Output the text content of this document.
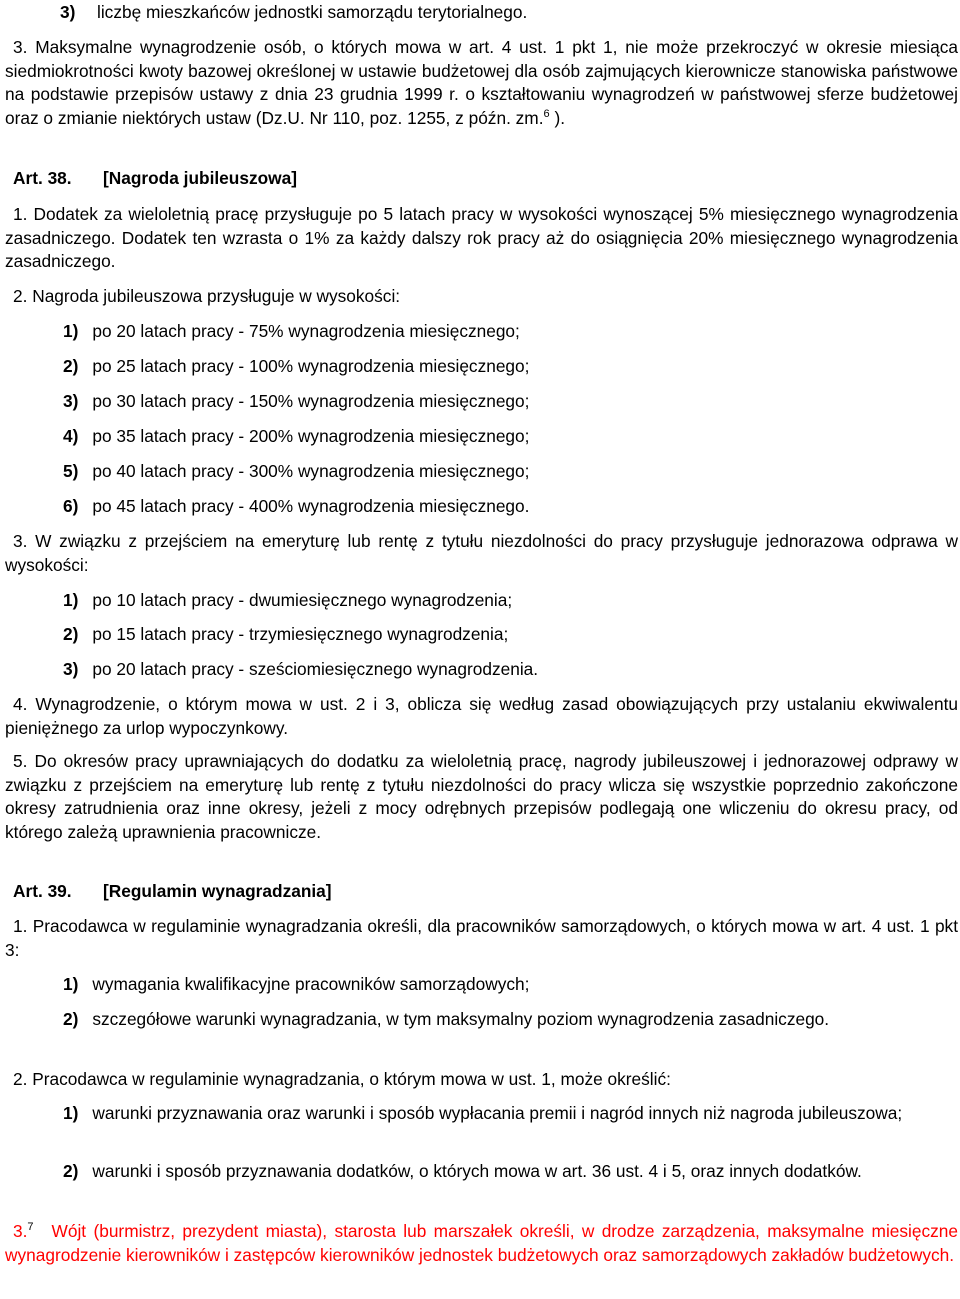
3) liczbę mieszkańców jednostki samorządu terytorialnego.

3. Maksymalne wynagrodzenie osób, o których mowa w art. 4 ust. 1 pkt 1, nie może przekroczyć w okresie miesiąca siedmiokrotności kwoty bazowej określonej w ustawie budżetowej dla osób zajmujących kierownicze stanowiska państwowe na podstawie przepisów ustawy z dnia 23 grudnia 1999 r. o kształtowaniu wynagrodzeń w państwowej sferze budżetowej oraz o zmianie niektórych ustaw (Dz.U. Nr 110, poz. 1255, z późn. zm.$^6$ ).

Art. 38. [Nagroda jubileuszowa]

1. Dodatek za wieloletnią pracę przysługuje po 5 latach pracy w wysokości wynoszącej 5% miesięcznego wynagrodzenia zasadniczego. Dodatek ten wzrasta o 1% za każdy dalszy rok pracy aż do osiągnięcia 20% miesięcznego wynagrodzenia zasadniczego.

2. Nagroda jubileuszowa przysługuje w wysokości:

1) po 20 latach pracy - 75% wynagrodzenia miesięcznego;

2) po 25 latach pracy - 100% wynagrodzenia miesięcznego;

3) po 30 latach pracy - 150% wynagrodzenia miesięcznego;

4) po 35 latach pracy - 200% wynagrodzenia miesięcznego;

5) po 40 latach pracy - 300% wynagrodzenia miesięcznego;

6) po 45 latach pracy - 400% wynagrodzenia miesięcznego.

3. W związku z przejściem na emeryturę lub rentę z tytułu niezdolności do pracy przysługuje jednorazowa odprawa w wysokości:

1) po 10 latach pracy - dwumiesięcznego wynagrodzenia;

2) po 15 latach pracy - trzymiesięcznego wynagrodzenia;

3) po 20 latach pracy - sześciomiesięcznego wynagrodzenia.

4. Wynagrodzenie, o którym mowa w ust. 2 i 3, oblicza się według zasad obowiązujących przy ustalaniu ekwiwalentu pieniężnego za urlop wypoczynkowy.

5. Do okresów pracy uprawniających do dodatku za wieloletnią pracę, nagrody jubileuszowej i jednorazowej odprawy w związku z przejściem na emeryturę lub rentę z tytułu niezdolności do pracy wlicza się wszystkie poprzednio zakończone okresy zatrudnienia oraz inne okresy, jeżeli z mocy odrębnych przepisów podlegają one wliczeniu do okresu pracy, od którego zależą uprawnienia pracownicze.

Art. 39. [Regulamin wynagradzania]

1. Pracodawca w regulaminie wynagradzania określi, dla pracowników samorządowych, o których mowa w art. 4 ust. 1 pkt 3:

1) wymagania kwalifikacyjne pracowników samorządowych;

2) szczegółowe warunki wynagradzania, w tym maksymalny poziom wynagrodzenia zasadniczego.

2. Pracodawca w regulaminie wynagradzania, o którym mowa w ust. 1, może określić:

1) warunki przyznawania oraz warunki i sposób wypłacania premii i nagród innych niż nagroda jubileuszowa;

2) warunki i sposób przyznawania dodatków, o których mowa w art. 36 ust. 4 i 5, oraz innych dodatków.

3.$^7$ Wójt (burmistrz, prezydent miasta), starosta lub marszałek określi, w drodze zarządzenia, maksymalne miesięczne wynagrodzenie kierowników i zastępców kierowników jednostek budżetowych oraz samorządowych zakładów budżetowych.
